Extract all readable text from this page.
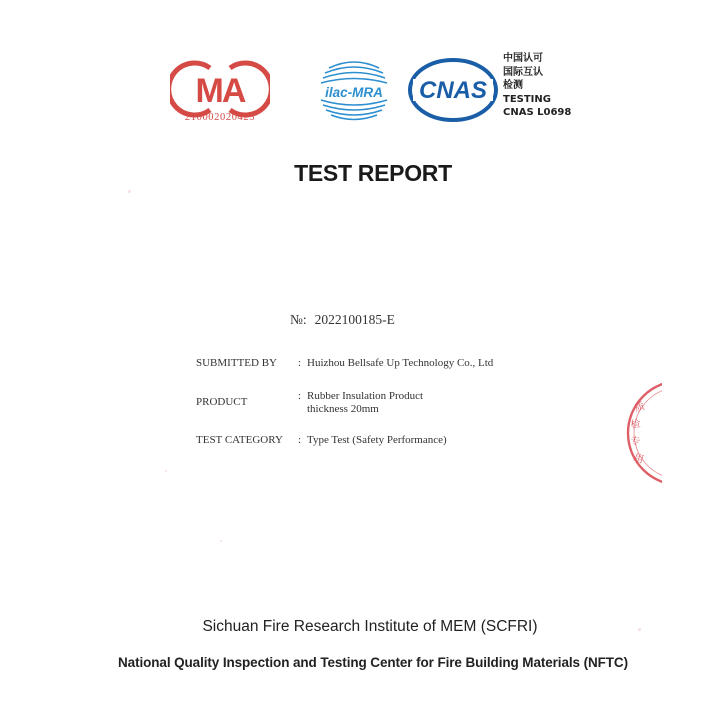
MA
210002020425
ilac-MRA CNAS
中国认可
国际互认
检测
TESTING
CNAS L0698
TEST REPORT
№: 2022100185-E
SUBMITTED BY : Huizhou Bellsafe Up Technology Co., Ltd
PRODUCT	: Rubber Insulation Product
thickness 20mm
TEST CATEGORY : Type Test (Safety Performance)
质
检
专
用
Sichuan Fire Research Institute of MEM (SCFRI)
National Quality Inspection and Testing Center for Fire Building Materials (NFTC)
